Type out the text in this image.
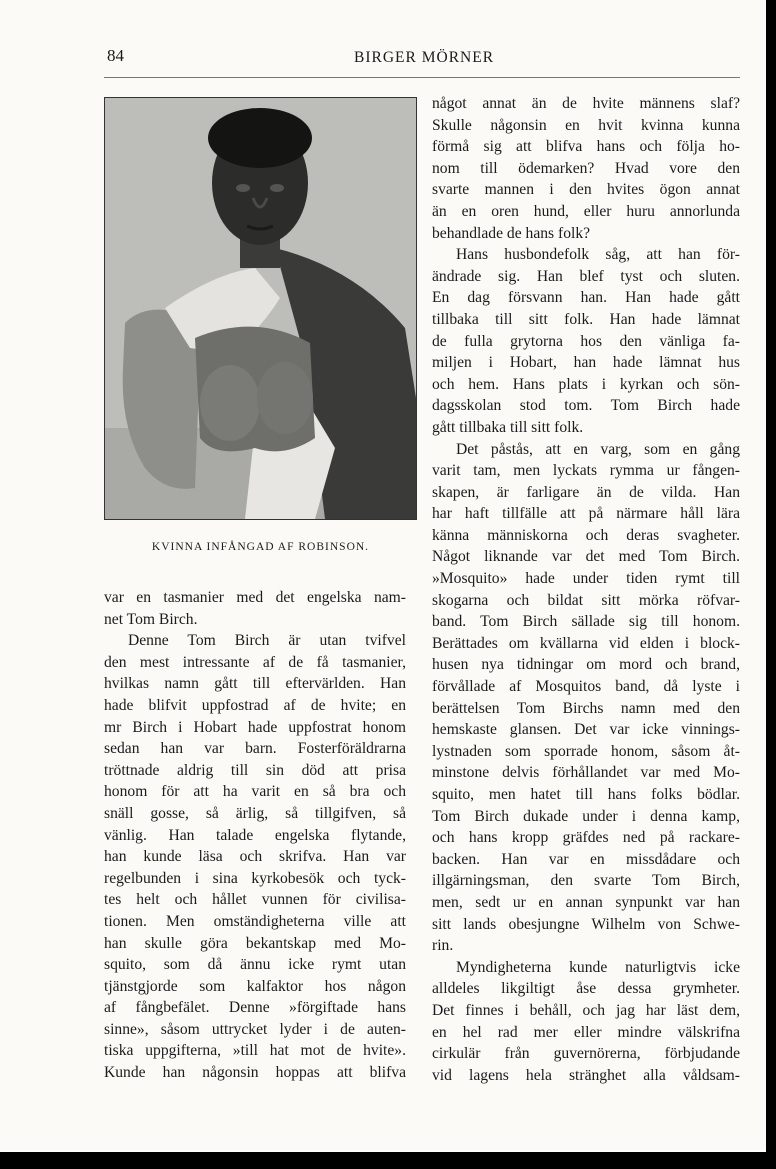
84	BIRGER MÖRNER
KVINNA INFÅNGAD AF ROBINSON.
var en tasmanier med det engelska nam-
net Tom Birch.
Denne Tom Birch är utan tvifvel
den mest intressante af de få tasmanier,
hvilkas namn gått till eftervärlden. Han
hade blifvit uppfostrad af de hvite; en
mr Birch i Hobart hade uppfostrat honom
sedan han var barn. Fosterföräldrarna
tröttnade aldrig till sin död att prisa
honom för att ha varit en så bra och
snäll gosse, så ärlig, så tillgifven, så
vänlig. Han talade engelska flytande,
han kunde läsa och skrifva. Han var
regelbunden i sina kyrkobesök och tyck-
tes helt och hållet vunnen för civilisa-
tionen. Men omständigheterna ville att
han skulle göra bekantskap med Mo-
squito, som då ännu icke rymt utan
tjänstgjorde som kalfaktor hos någon
af fångbefälet. Denne »förgiftade hans
sinne», såsom uttrycket lyder i de auten-
tiska uppgifterna, »till hat mot de hvite».
Kunde han någonsin hoppas att blifva
något annat än de hvite männens slaf?
Skulle någonsin en hvit kvinna kunna
förmå sig att blifva hans och följa ho-
nom till ödemarken? Hvad vore den
svarte mannen i den hvites ögon annat
än en oren hund, eller huru annorlunda
behandlade de hans folk?
Hans husbondefolk såg, att han för-
ändrade sig. Han blef tyst och sluten.
En dag försvann han. Han hade gått
tillbaka till sitt folk. Han hade lämnat
de fulla grytorna hos den vänliga fa-
miljen i Hobart, han hade lämnat hus
och hem. Hans plats i kyrkan och sön-
dagsskolan stod tom. Tom Birch hade
gått tillbaka till sitt folk.
Det påstås, att en varg, som en gång
varit tam, men lyckats rymma ur fången-
skapen, är farligare än de vilda. Han
har haft tillfälle att på närmare håll lära
känna människorna och deras svagheter.
Något liknande var det med Tom Birch.
»Mosquito» hade under tiden rymt till
skogarna och bildat sitt mörka röfvar-
band. Tom Birch sällade sig till honom.
Berättades om kvällarna vid elden i block-
husen nya tidningar om mord och brand,
förvållade af Mosquitos band, då lyste i
berättelsen Tom Birchs namn med den
hemskaste glansen. Det var icke vinnings-
lystnaden som sporrade honom, såsom åt-
minstone delvis förhållandet var med Mo-
squito, men hatet till hans folks bödlar.
Tom Birch dukade under i denna kamp,
och hans kropp gräfdes ned på rackare-
backen. Han var en missdådare och
illgärningsman, den svarte Tom Birch,
men, sedt ur en annan synpunkt var han
sitt lands obesjungne Wilhelm von Schwe-
rin.
Myndigheterna kunde naturligtvis icke
alldeles likgiltigt åse dessa grymheter.
Det finnes i behåll, och jag har läst dem,
en hel rad mer eller mindre välskrifna
cirkulär från guvernörerna, förbjudande
vid lagens hela stränghet alla våldsam-
